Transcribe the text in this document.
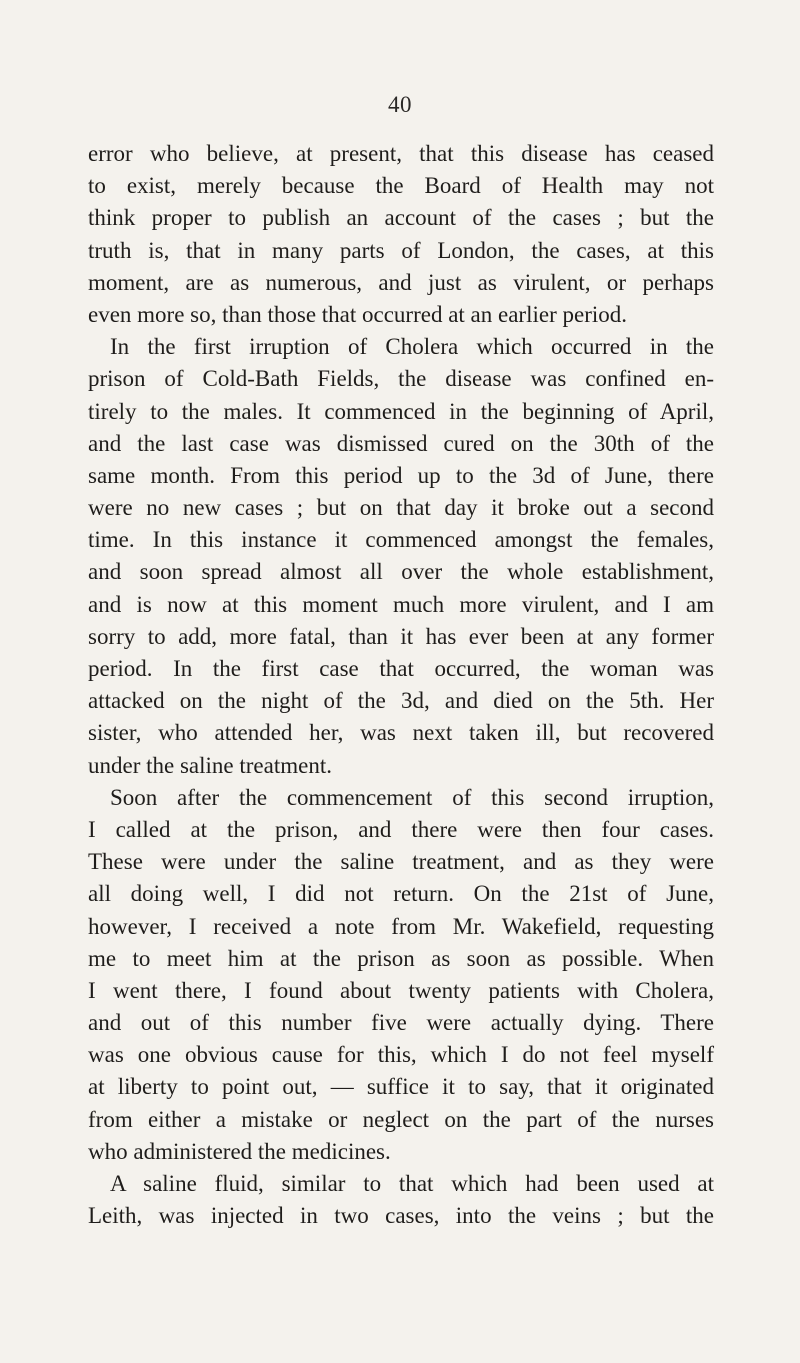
40
error who believe, at present, that this disease has ceased
to exist, merely because the Board of Health may not
think proper to publish an account of the cases ; but the
truth is, that in many parts of London, the cases, at this
moment, are as numerous, and just as virulent, or perhaps
even more so, than those that occurred at an earlier period.
In the first irruption of Cholera which occurred in the
prison of Cold-Bath Fields, the disease was confined en-
tirely to the males. It commenced in the beginning of April,
and the last case was dismissed cured on the 30th of the
same month. From this period up to the 3d of June, there
were no new cases ; but on that day it broke out a second
time. In this instance it commenced amongst the females,
and soon spread almost all over the whole establishment,
and is now at this moment much more virulent, and I am
sorry to add, more fatal, than it has ever been at any former
period. In the first case that occurred, the woman was
attacked on the night of the 3d, and died on the 5th. Her
sister, who attended her, was next taken ill, but recovered
under the saline treatment.
Soon after the commencement of this second irruption,
I called at the prison, and there were then four cases.
These were under the saline treatment, and as they were
all doing well, I did not return. On the 21st of June,
however, I received a note from Mr. Wakefield, requesting
me to meet him at the prison as soon as possible. When
I went there, I found about twenty patients with Cholera,
and out of this number five were actually dying. There
was one obvious cause for this, which I do not feel myself
at liberty to point out, — suffice it to say, that it originated
from either a mistake or neglect on the part of the nurses
who administered the medicines.
A saline fluid, similar to that which had been used at
Leith, was injected in two cases, into the veins ; but the
